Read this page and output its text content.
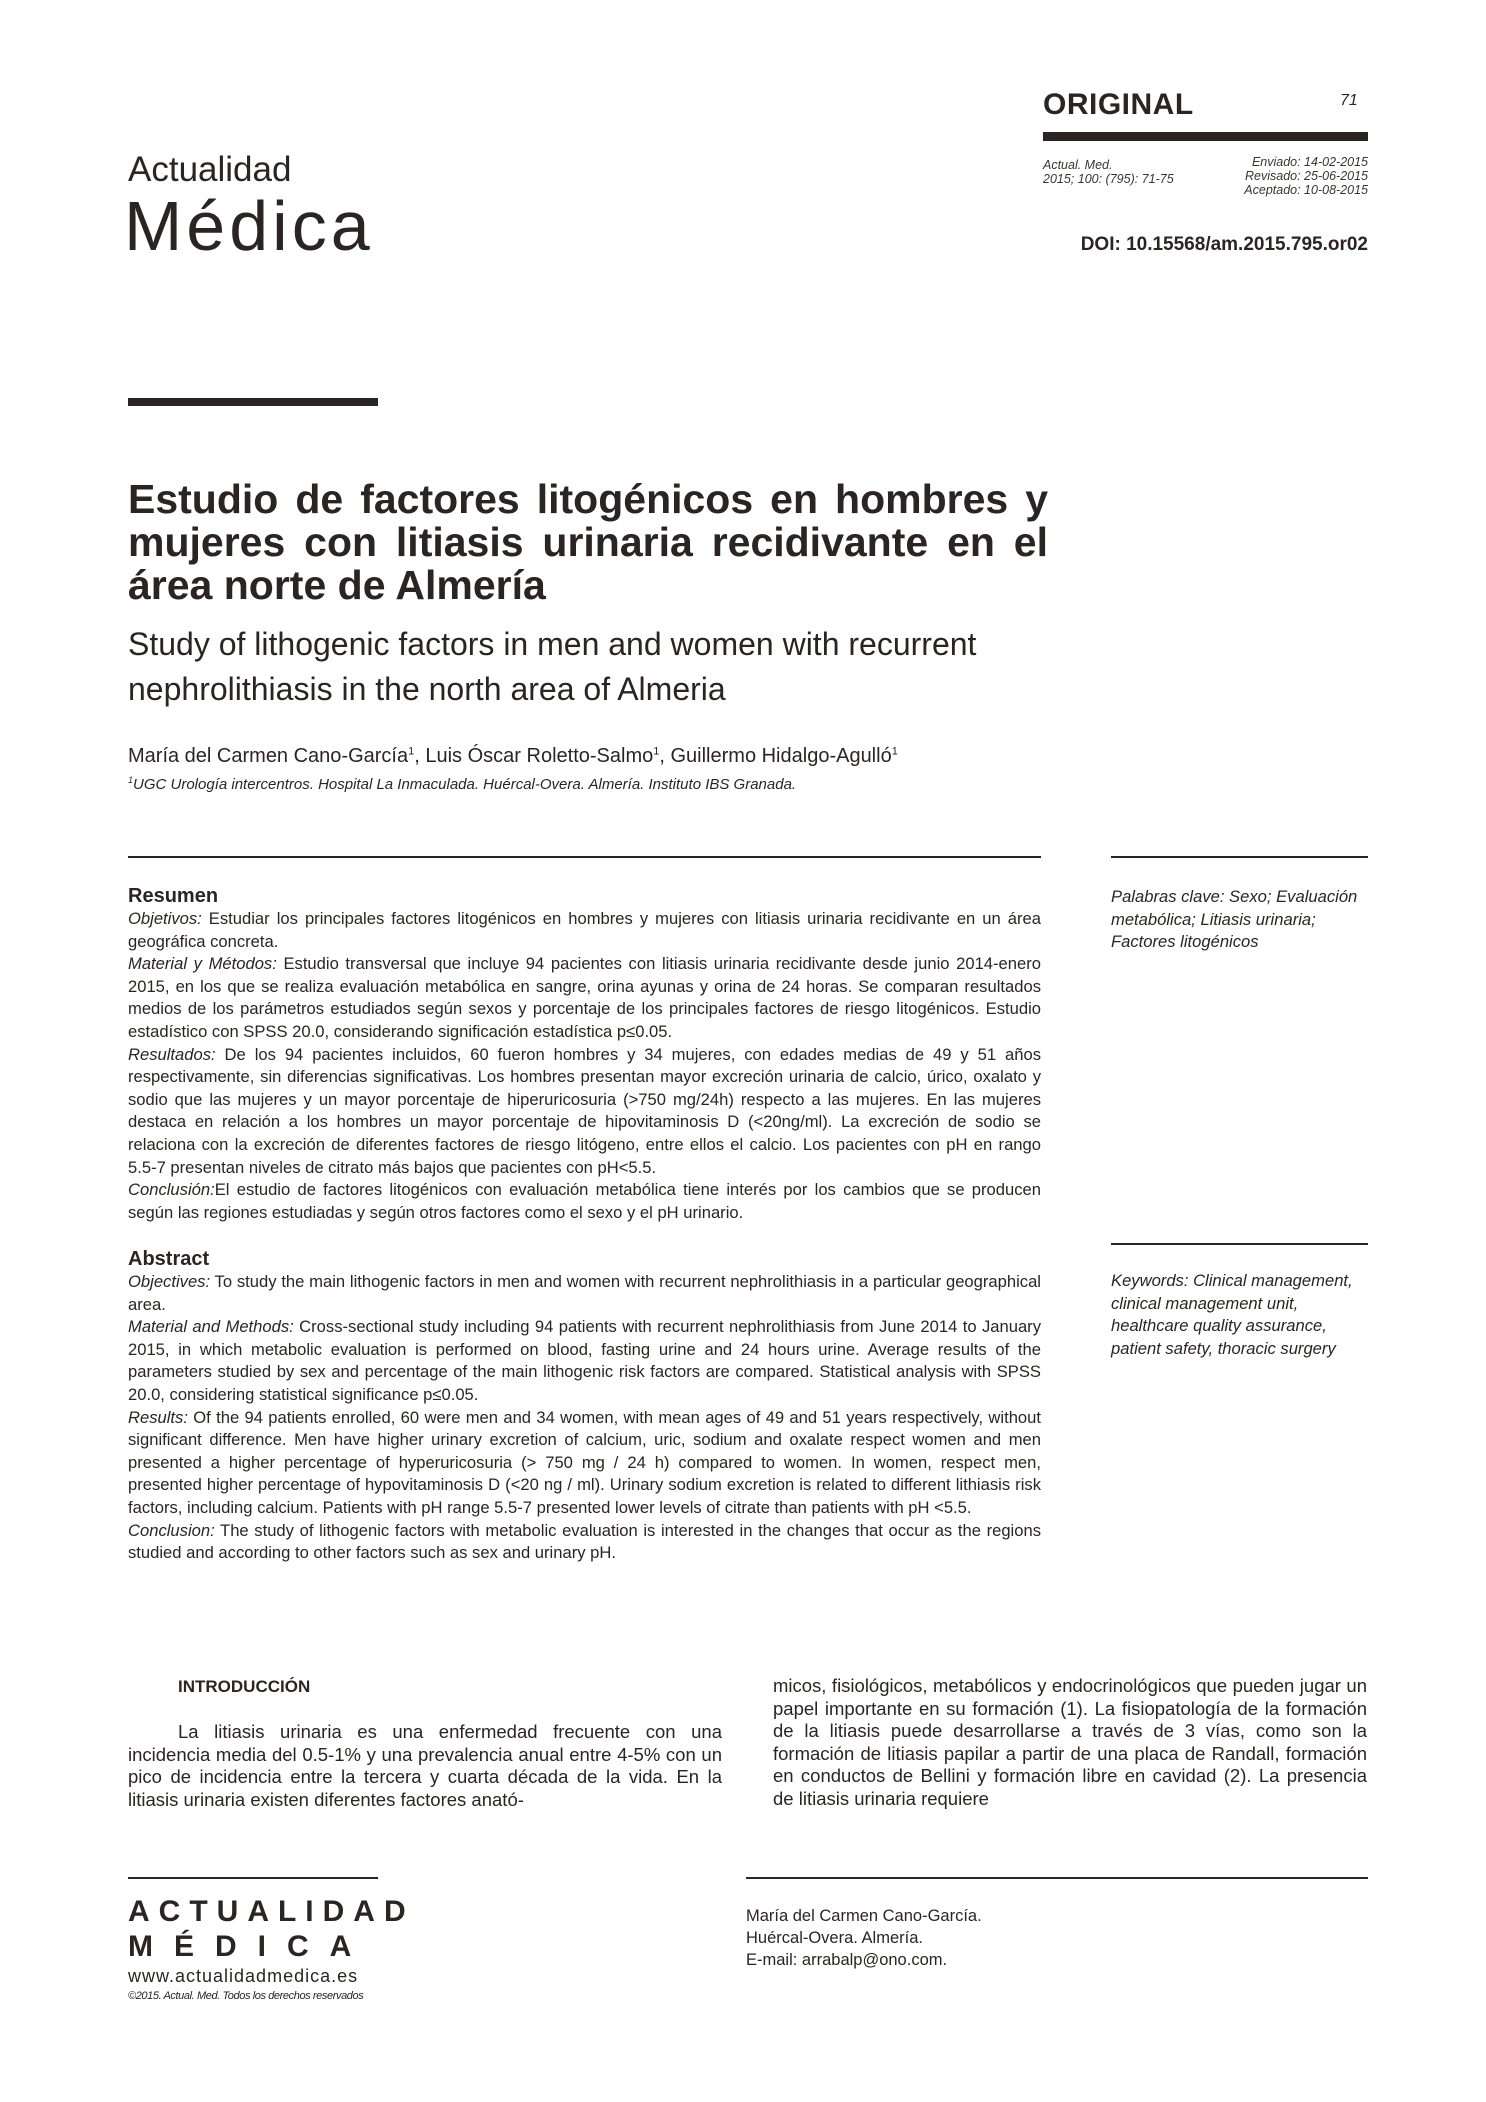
ORIGINAL	71
Actual. Med.
2015; 100: (795): 71-75
Enviado: 14-02-2015
Revisado: 25-06-2015
Aceptado: 10-08-2015
DOI: 10.15568/am.2015.795.or02
Actualidad
Médica
Estudio de factores litogénicos en hombres y mujeres con litiasis urinaria recidivante en el área norte de Almería
Study of lithogenic factors in men and women with recurrent nephrolithiasis in the north area of Almeria
María del Carmen Cano-García$^1$, Luis Óscar Roletto-Salmo$^1$, Guillermo Hidalgo-Agulló$^1$
$^1$UGC Urología intercentros. Hospital La Inmaculada. Huércal-Overa. Almería. Instituto IBS Granada.
Resumen

Objetivos: Estudiar los principales factores litogénicos en hombres y mujeres con litiasis urinaria recidivante en un área geográfica concreta.

Material y Métodos: Estudio transversal que incluye 94 pacientes con litiasis urinaria recidivante desde junio 2014-enero 2015, en los que se realiza evaluación metabólica en sangre, orina ayunas y orina de 24 horas. Se comparan resultados medios de los parámetros estudiados según sexos y porcentaje de los principales factores de riesgo litogénicos. Estudio estadístico con SPSS 20.0, considerando significación estadística p≤0.05.

Resultados: De los 94 pacientes incluidos, 60 fueron hombres y 34 mujeres, con edades medias de 49 y 51 años respectivamente, sin diferencias significativas. Los hombres presentan mayor excreción urinaria de calcio, úrico, oxalato y sodio que las mujeres y un mayor porcentaje de hiperuricosuria (>750 mg/24h) respecto a las mujeres. En las mujeres destaca en relación a los hombres un mayor porcentaje de hipovitaminosis D (<20ng/ml). La excreción de sodio se relaciona con la excreción de diferentes factores de riesgo litógeno, entre ellos el calcio. Los pacientes con pH en rango 5.5-7 presentan niveles de citrato más bajos que pacientes con pH<5.5.

Conclusión:El estudio de factores litogénicos con evaluación metabólica tiene interés por los cambios que se producen según las regiones estudiadas y según otros factores como el sexo y el pH urinario.

Palabras clave: Sexo; Evaluación metabólica; Litiasis urinaria; Factores litogénicos
Abstract

Objectives: To study the main lithogenic factors in men and women with recurrent nephrolithiasis in a particular geographical area.

Material and Methods: Cross-sectional study including 94 patients with recurrent nephrolithiasis from June 2014 to January 2015, in which metabolic evaluation is performed on blood, fasting urine and 24 hours urine. Average results of the parameters studied by sex and percentage of the main lithogenic risk factors are compared. Statistical analysis with SPSS 20.0, considering statistical significance p≤0.05.

Results: Of the 94 patients enrolled, 60 were men and 34 women, with mean ages of 49 and 51 years respectively, without significant difference. Men have higher urinary excretion of calcium, uric, sodium and oxalate respect women and men presented a higher percentage of hyperuricosuria (> 750 mg / 24 h) compared to women. In women, respect men, presented higher percentage of hypovitaminosis D (<20 ng / ml). Urinary sodium excretion is related to different lithiasis risk factors, including calcium. Patients with pH range 5.5-7 presented lower levels of citrate than patients with pH <5.5.

Conclusion: The study of lithogenic factors with metabolic evaluation is interested in the changes that occur as the regions studied and according to other factors such as sex and urinary pH.

Keywords: Clinical management, clinical management unit, healthcare quality assurance, patient safety, thoracic surgery
INTRODUCCIÓN

La litiasis urinaria es una enfermedad frecuente con una incidencia media del 0.5-1% y una prevalencia anual entre 4-5% con un pico de incidencia entre la tercera y cuarta década de la vida. En la litiasis urinaria existen diferentes factores anató-

micos, fisiológicos, metabólicos y endocrinológicos que pueden jugar un papel importante en su formación (1). La fisiopatología de la formación de la litiasis puede desarrollarse a través de 3 vías, como son la formación de litiasis papilar a partir de una placa de Randall, formación en conductos de Bellini y formación libre en cavidad (2). La presencia de litiasis urinaria requiere

ACTUALIDAD
MÉDICA
www.actualidadmedica.es
©2015. Actual. Med. Todos los derechos reservados
María del Carmen Cano-García.
Huércal-Overa. Almería.
E-mail: arrabalp@ono.com.
